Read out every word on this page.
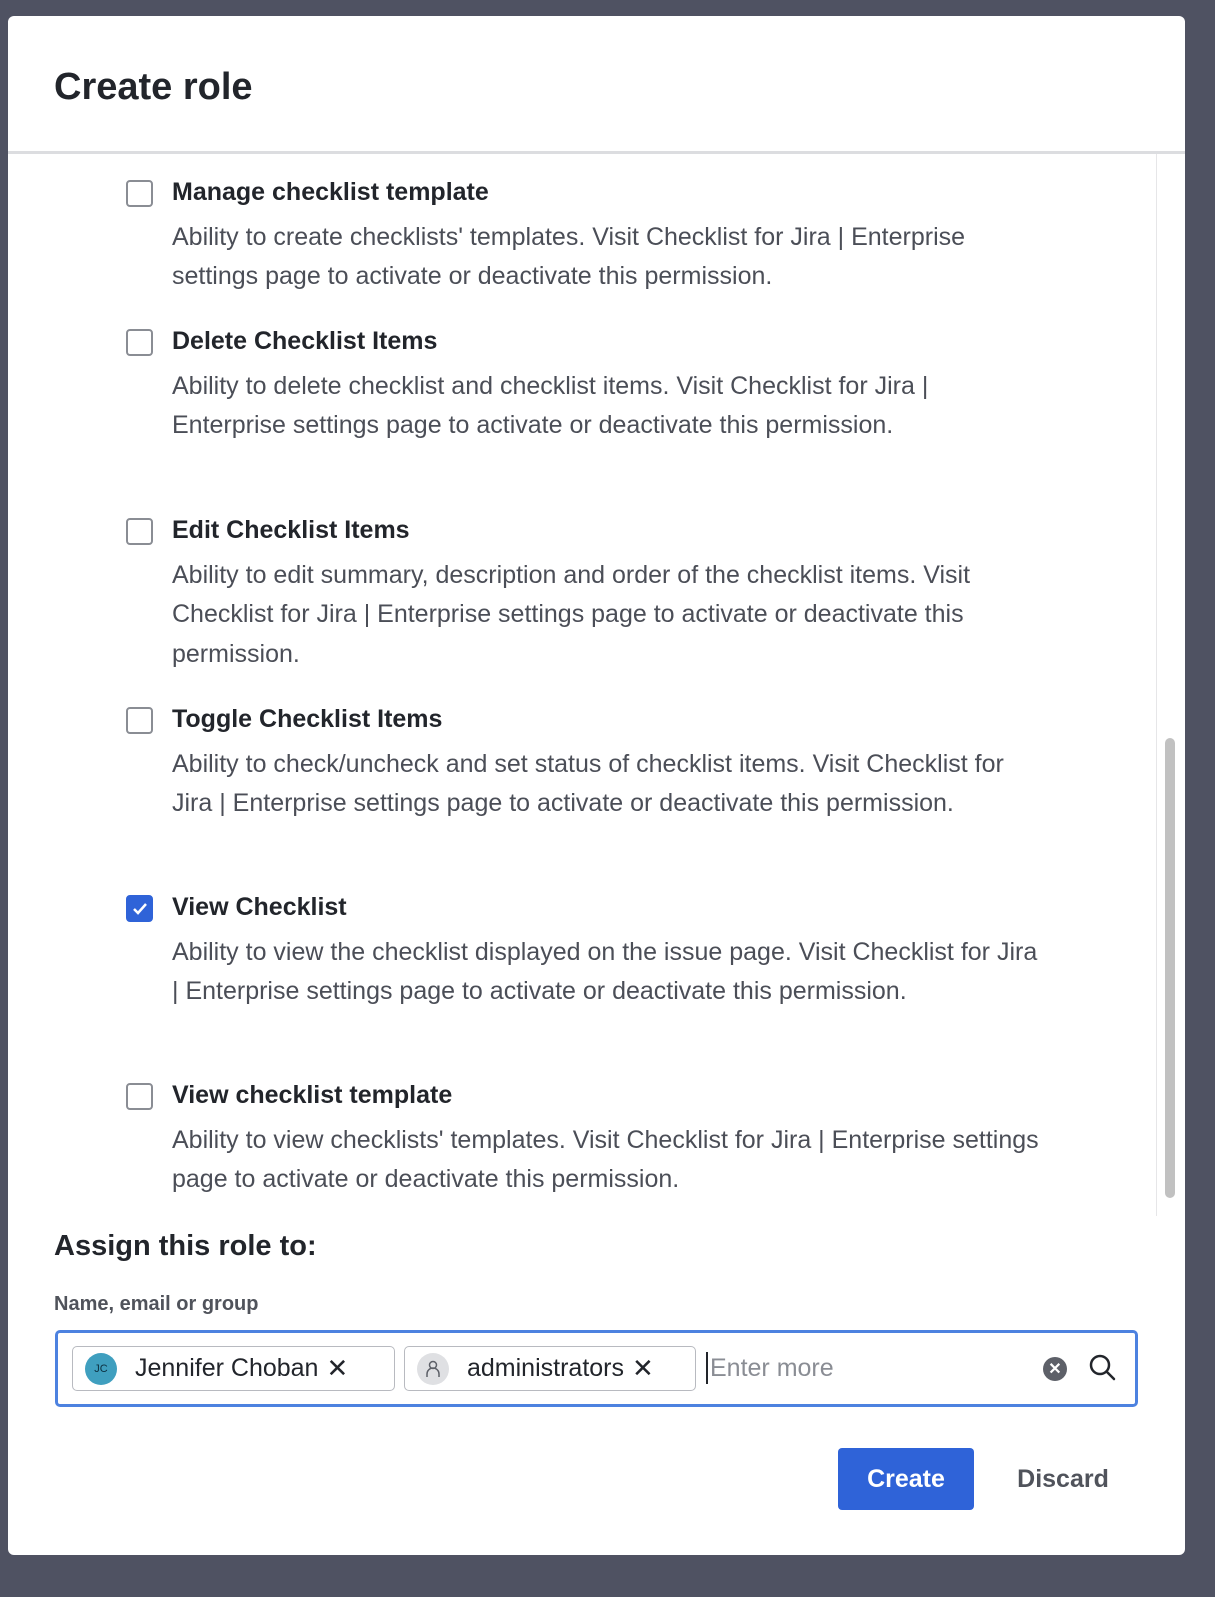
Create role
Manage checklist template
Ability to create checklists' templates. Visit Checklist for Jira | Enterprise settings page to activate or deactivate this permission.
Delete Checklist Items
Ability to delete checklist and checklist items. Visit Checklist for Jira | Enterprise settings page to activate or deactivate this permission.
Edit Checklist Items
Ability to edit summary, description and order of the checklist items. Visit Checklist for Jira | Enterprise settings page to activate or deactivate this permission.
Toggle Checklist Items
Ability to check/uncheck and set status of checklist items. Visit Checklist for Jira | Enterprise settings page to activate or deactivate this permission.
View Checklist
Ability to view the checklist displayed on the issue page. Visit Checklist for Jira | Enterprise settings page to activate or deactivate this permission.
View checklist template
Ability to view checklists' templates. Visit Checklist for Jira | Enterprise settings page to activate or deactivate this permission.
Assign this role to:
Name, email or group
JC	Jennifer Choban ✕	administrators ✕ Enter more	✕
Create	Discard
